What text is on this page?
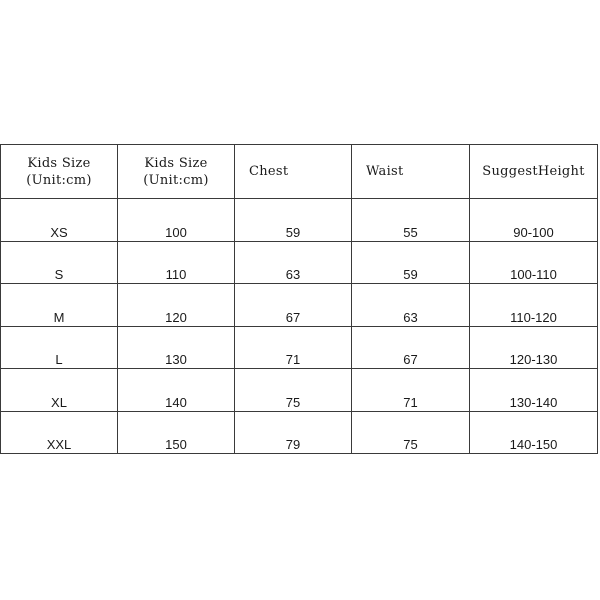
Kids Size
(Unit:cm)	Kids Size
(Unit:cm)	Chest	Waist	SuggestHeight
XS	100	59	55	90-100
S	110	63	59	100-110
M	120	67	63	110-120
L	130	71	67	120-130
XL	140	75	71	130-140
XXL	150	79	75	140-150
